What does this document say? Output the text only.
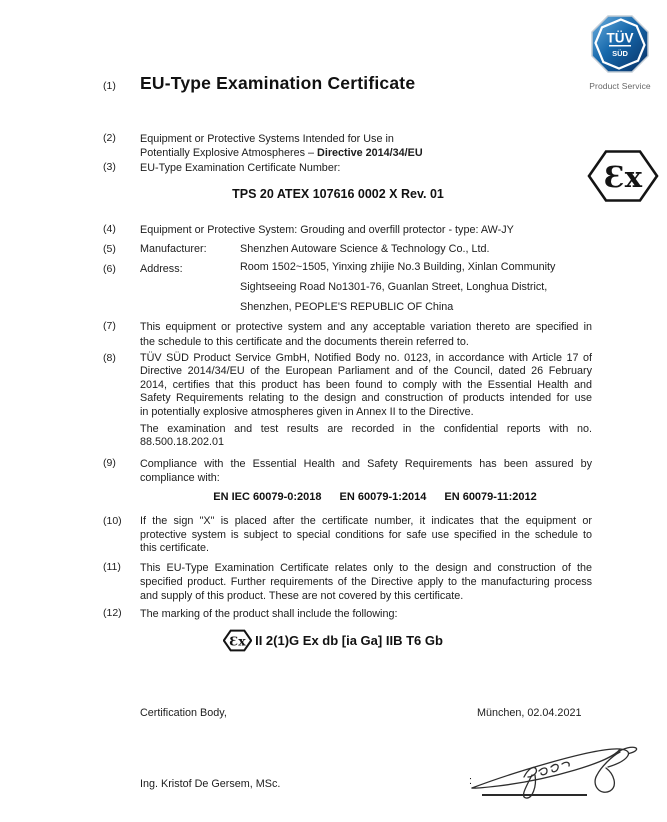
TÜV
SÜD
Product Service
Ɛx
(1)	EU-Type Examination Certificate
(2)	Equipment or Protective Systems Intended for Use in
Potentially Explosive Atmospheres – Directive 2014/34/EU
(3)	EU-Type Examination Certificate Number:
TPS 20 ATEX 107616 0002 X Rev. 01
(4)	Equipment or Protective System: Grouding and overfill protector - type: AW-JY
(5)	Manufacturer:	Shenzhen Autoware Science & Technology Co., Ltd.
(6)	Address:	Room 1502~1505, Yinxing zhijie No.3 Building, Xinlan Community
Sightseeing Road No1301-76, Guanlan Street, Longhua District,
Shenzhen, PEOPLE'S REPUBLIC OF China
(7)	This equipment or protective system and any acceptable variation thereto are specified in
the schedule to this certificate and the documents therein referred to.
(8)	TÜV SÜD Product Service GmbH, Notified Body no. 0123, in accordance with Article 17 of
Directive 2014/34/EU of the European Parliament and of the Council, dated 26 February
2014, certifies that this product has been found to comply with the Essential Health and
Safety Requirements relating to the design and construction of products intended for use
in potentially explosive atmospheres given in Annex II to the Directive.
The examination and test results are recorded in the confidential reports with no.
88.500.18.202.01
(9)	Compliance with the Essential Health and Safety Requirements has been assured by
compliance with:
EN IEC 60079-0:2018 EN 60079-1:2014 EN 60079-11:2012
(10)	If the sign "X" is placed after the certificate number, it indicates that the equipment or
protective system is subject to special conditions for safe use specified in the schedule to
this certificate.
(11)	This EU-Type Examination Certificate relates only to the design and construction of the
specified product. Further requirements of the Directive apply to the manufacturing process
and supply of this product. These are not covered by this certificate.
(12)	The marking of the product shall include the following:
Ɛx II 2(1)G Ex db [ia Ga] IIB T6 Gb
Certification Body,	München, 02.04.2021
:
Ing. Kristof De Gersem, MSc.
